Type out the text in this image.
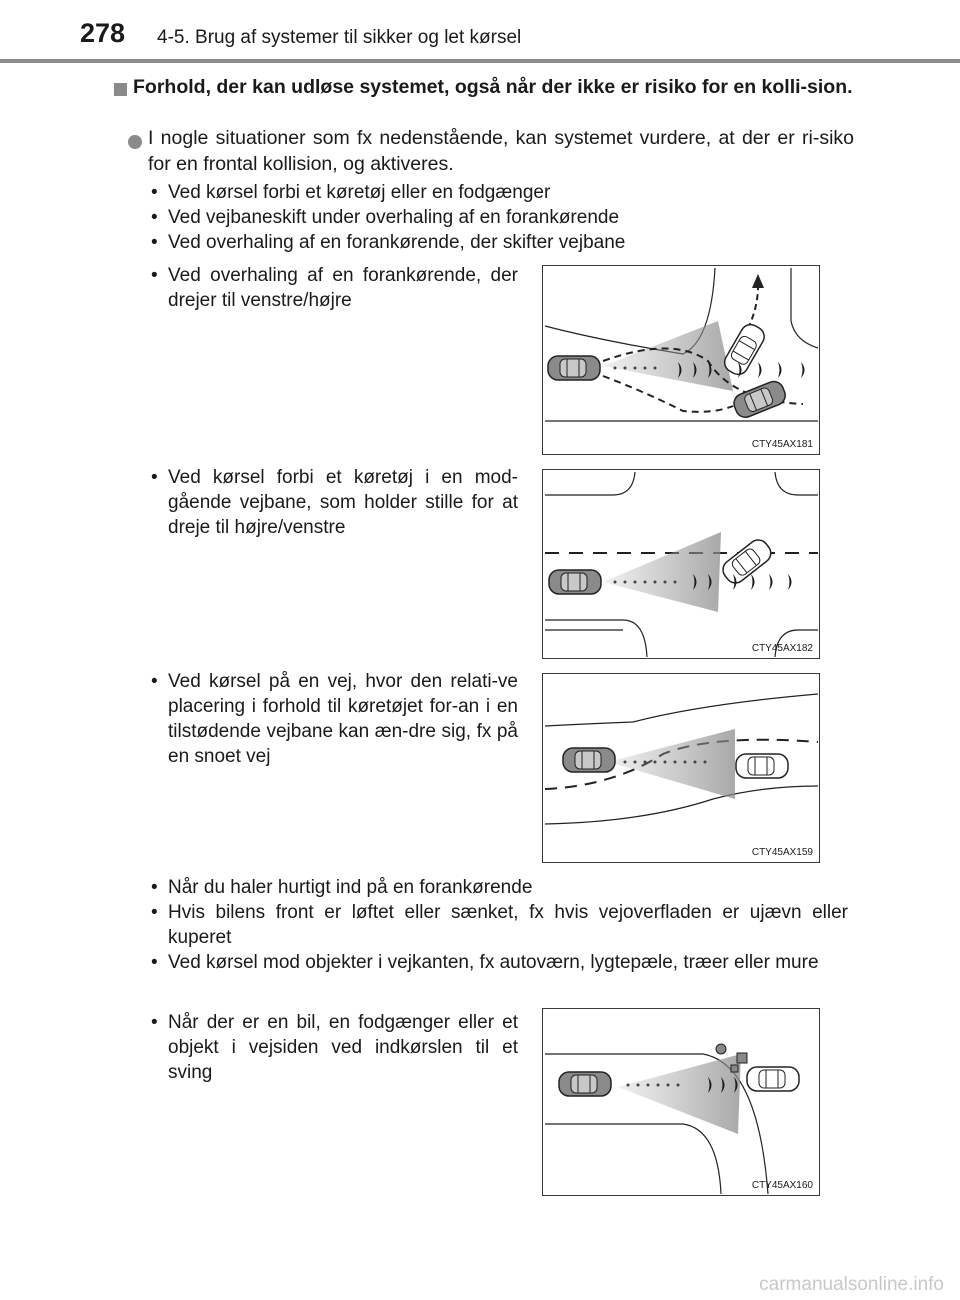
278 4-5. Brug af systemer til sikker og let kørsel
Forhold, der kan udløse systemet, også når der ikke er risiko for en kolli-sion.
I nogle situationer som fx nedenstående, kan systemet vurdere, at der er ri-siko for en frontal kollision, og aktiveres.
• Ved kørsel forbi et køretøj eller en fodgænger
• Ved vejbaneskift under overhaling af en forankørende
• Ved overhaling af en forankørende, der skifter vejbane
• Ved overhaling af en forankørende, der drejer til venstre/højre
CTY45AX181
• Ved kørsel forbi et køretøj i en mod-gående vejbane, som holder stille for at dreje til højre/venstre
CTY45AX182
• Ved kørsel på en vej, hvor den relati-ve placering i forhold til køretøjet for-an i en tilstødende vejbane kan æn-dre sig, fx på en snoet vej
CTY45AX159
• Når du haler hurtigt ind på en forankørende
• Hvis bilens front er løftet eller sænket, fx hvis vejoverfladen er ujævn eller kuperet
• Ved kørsel mod objekter i vejkanten, fx autoværn, lygtepæle, træer eller mure
• Når der er en bil, en fodgænger eller et objekt i vejsiden ved indkørslen til et sving
CTY45AX160
carmanualsonline.info
